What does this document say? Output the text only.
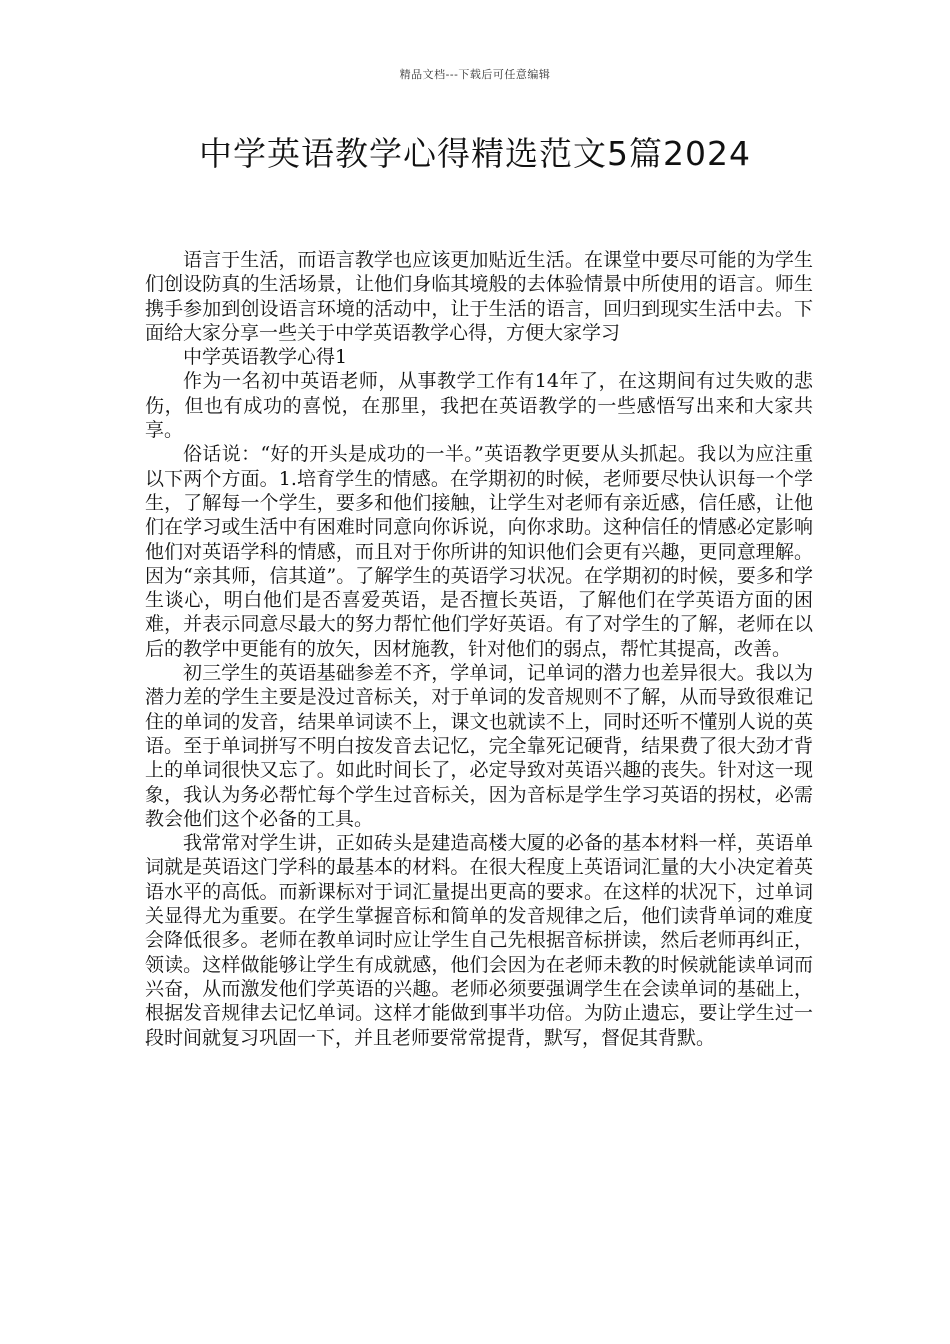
精品文档---下载后可任意编辑
中学英语教学心得精选范文5篇2024

语言于生活，而语言教学也应该更加贴近生活。在课堂中要尽可能的为学生们创设防真的生活场景，让他们身临其境般的去体验情景中所使用的语言。师生携手参加到创设语言环境的活动中，让于生活的语言，回归到现实生活中去。下面给大家分享一些关于中学英语教学心得，方便大家学习

中学英语教学心得1

作为一名初中英语老师，从事教学工作有14年了，在这期间有过失败的悲伤，但也有成功的喜悦，在那里，我把在英语教学的一些感悟写出来和大家共享。

俗话说：“好的开头是成功的一半。”英语教学更要从头抓起。我以为应注重以下两个方面。1.培育学生的情感。在学期初的时候，老师要尽快认识每一个学生，了解每一个学生，要多和他们接触，让学生对老师有亲近感，信任感，让他们在学习或生活中有困难时同意向你诉说，向你求助。这种信任的情感必定影响他们对英语学科的情感，而且对于你所讲的知识他们会更有兴趣，更同意理解。因为“亲其师，信其道”。了解学生的英语学习状况。在学期初的时候，要多和学生谈心，明白他们是否喜爱英语，是否擅长英语，了解他们在学英语方面的困难，并表示同意尽最大的努力帮忙他们学好英语。有了对学生的了解，老师在以后的教学中更能有的放矢，因材施教，针对他们的弱点，帮忙其提高，改善。

初三学生的英语基础参差不齐，学单词，记单词的潜力也差异很大。我以为潜力差的学生主要是没过音标关，对于单词的发音规则不了解，从而导致很难记住的单词的发音，结果单词读不上，课文也就读不上，同时还听不懂别人说的英语。至于单词拼写不明白按发音去记忆，完全靠死记硬背，结果费了很大劲才背上的单词很快又忘了。如此时间长了，必定导致对英语兴趣的丧失。针对这一现象，我认为务必帮忙每个学生过音标关，因为音标是学生学习英语的拐杖，必需教会他们这个必备的工具。

我常常对学生讲，正如砖头是建造高楼大厦的必备的基本材料一样，英语单词就是英语这门学科的最基本的材料。在很大程度上英语词汇量的大小决定着英语水平的高低。而新课标对于词汇量提出更高的要求。在这样的状况下，过单词关显得尤为重要。在学生掌握音标和简单的发音规律之后，他们读背单词的难度会降低很多。老师在教单词时应让学生自己先根据音标拼读，然后老师再纠正，领读。这样做能够让学生有成就感，他们会因为在老师未教的时候就能读单词而兴奋，从而激发他们学英语的兴趣。老师必须要强调学生在会读单词的基础上，根据发音规律去记忆单词。这样才能做到事半功倍。为防止遗忘，要让学生过一段时间就复习巩固一下，并且老师要常常提背，默写，督促其背默。
